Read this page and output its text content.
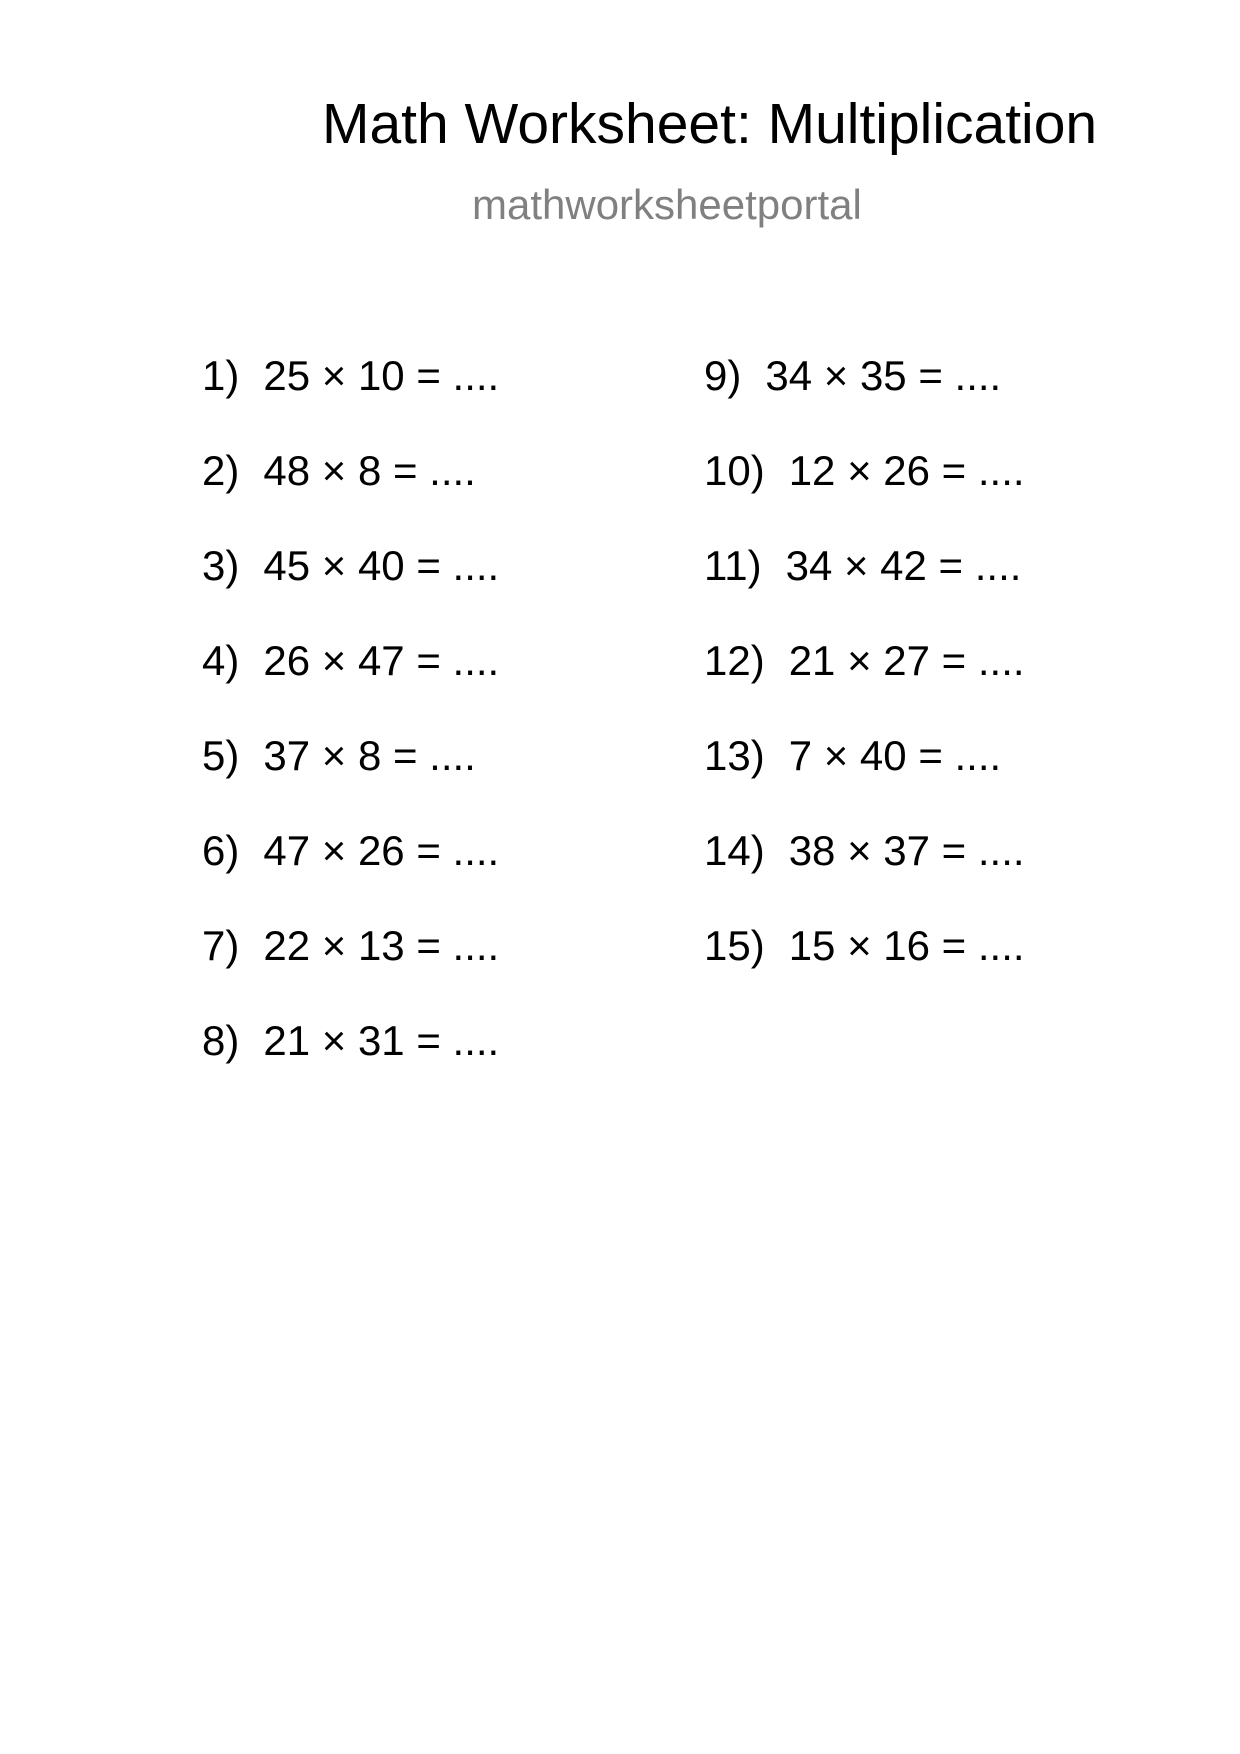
Math Worksheet: Multiplication
mathworksheetportal
1) 25 × 10 = ....
2) 48 × 8 = ....
3) 45 × 40 = ....
4) 26 × 47 = ....
5) 37 × 8 = ....
6) 47 × 26 = ....
7) 22 × 13 = ....
8) 21 × 31 = ....
9) 34 × 35 = ....
10) 12 × 26 = ....
11) 34 × 42 = ....
12) 21 × 27 = ....
13) 7 × 40 = ....
14) 38 × 37 = ....
15) 15 × 16 = ....
